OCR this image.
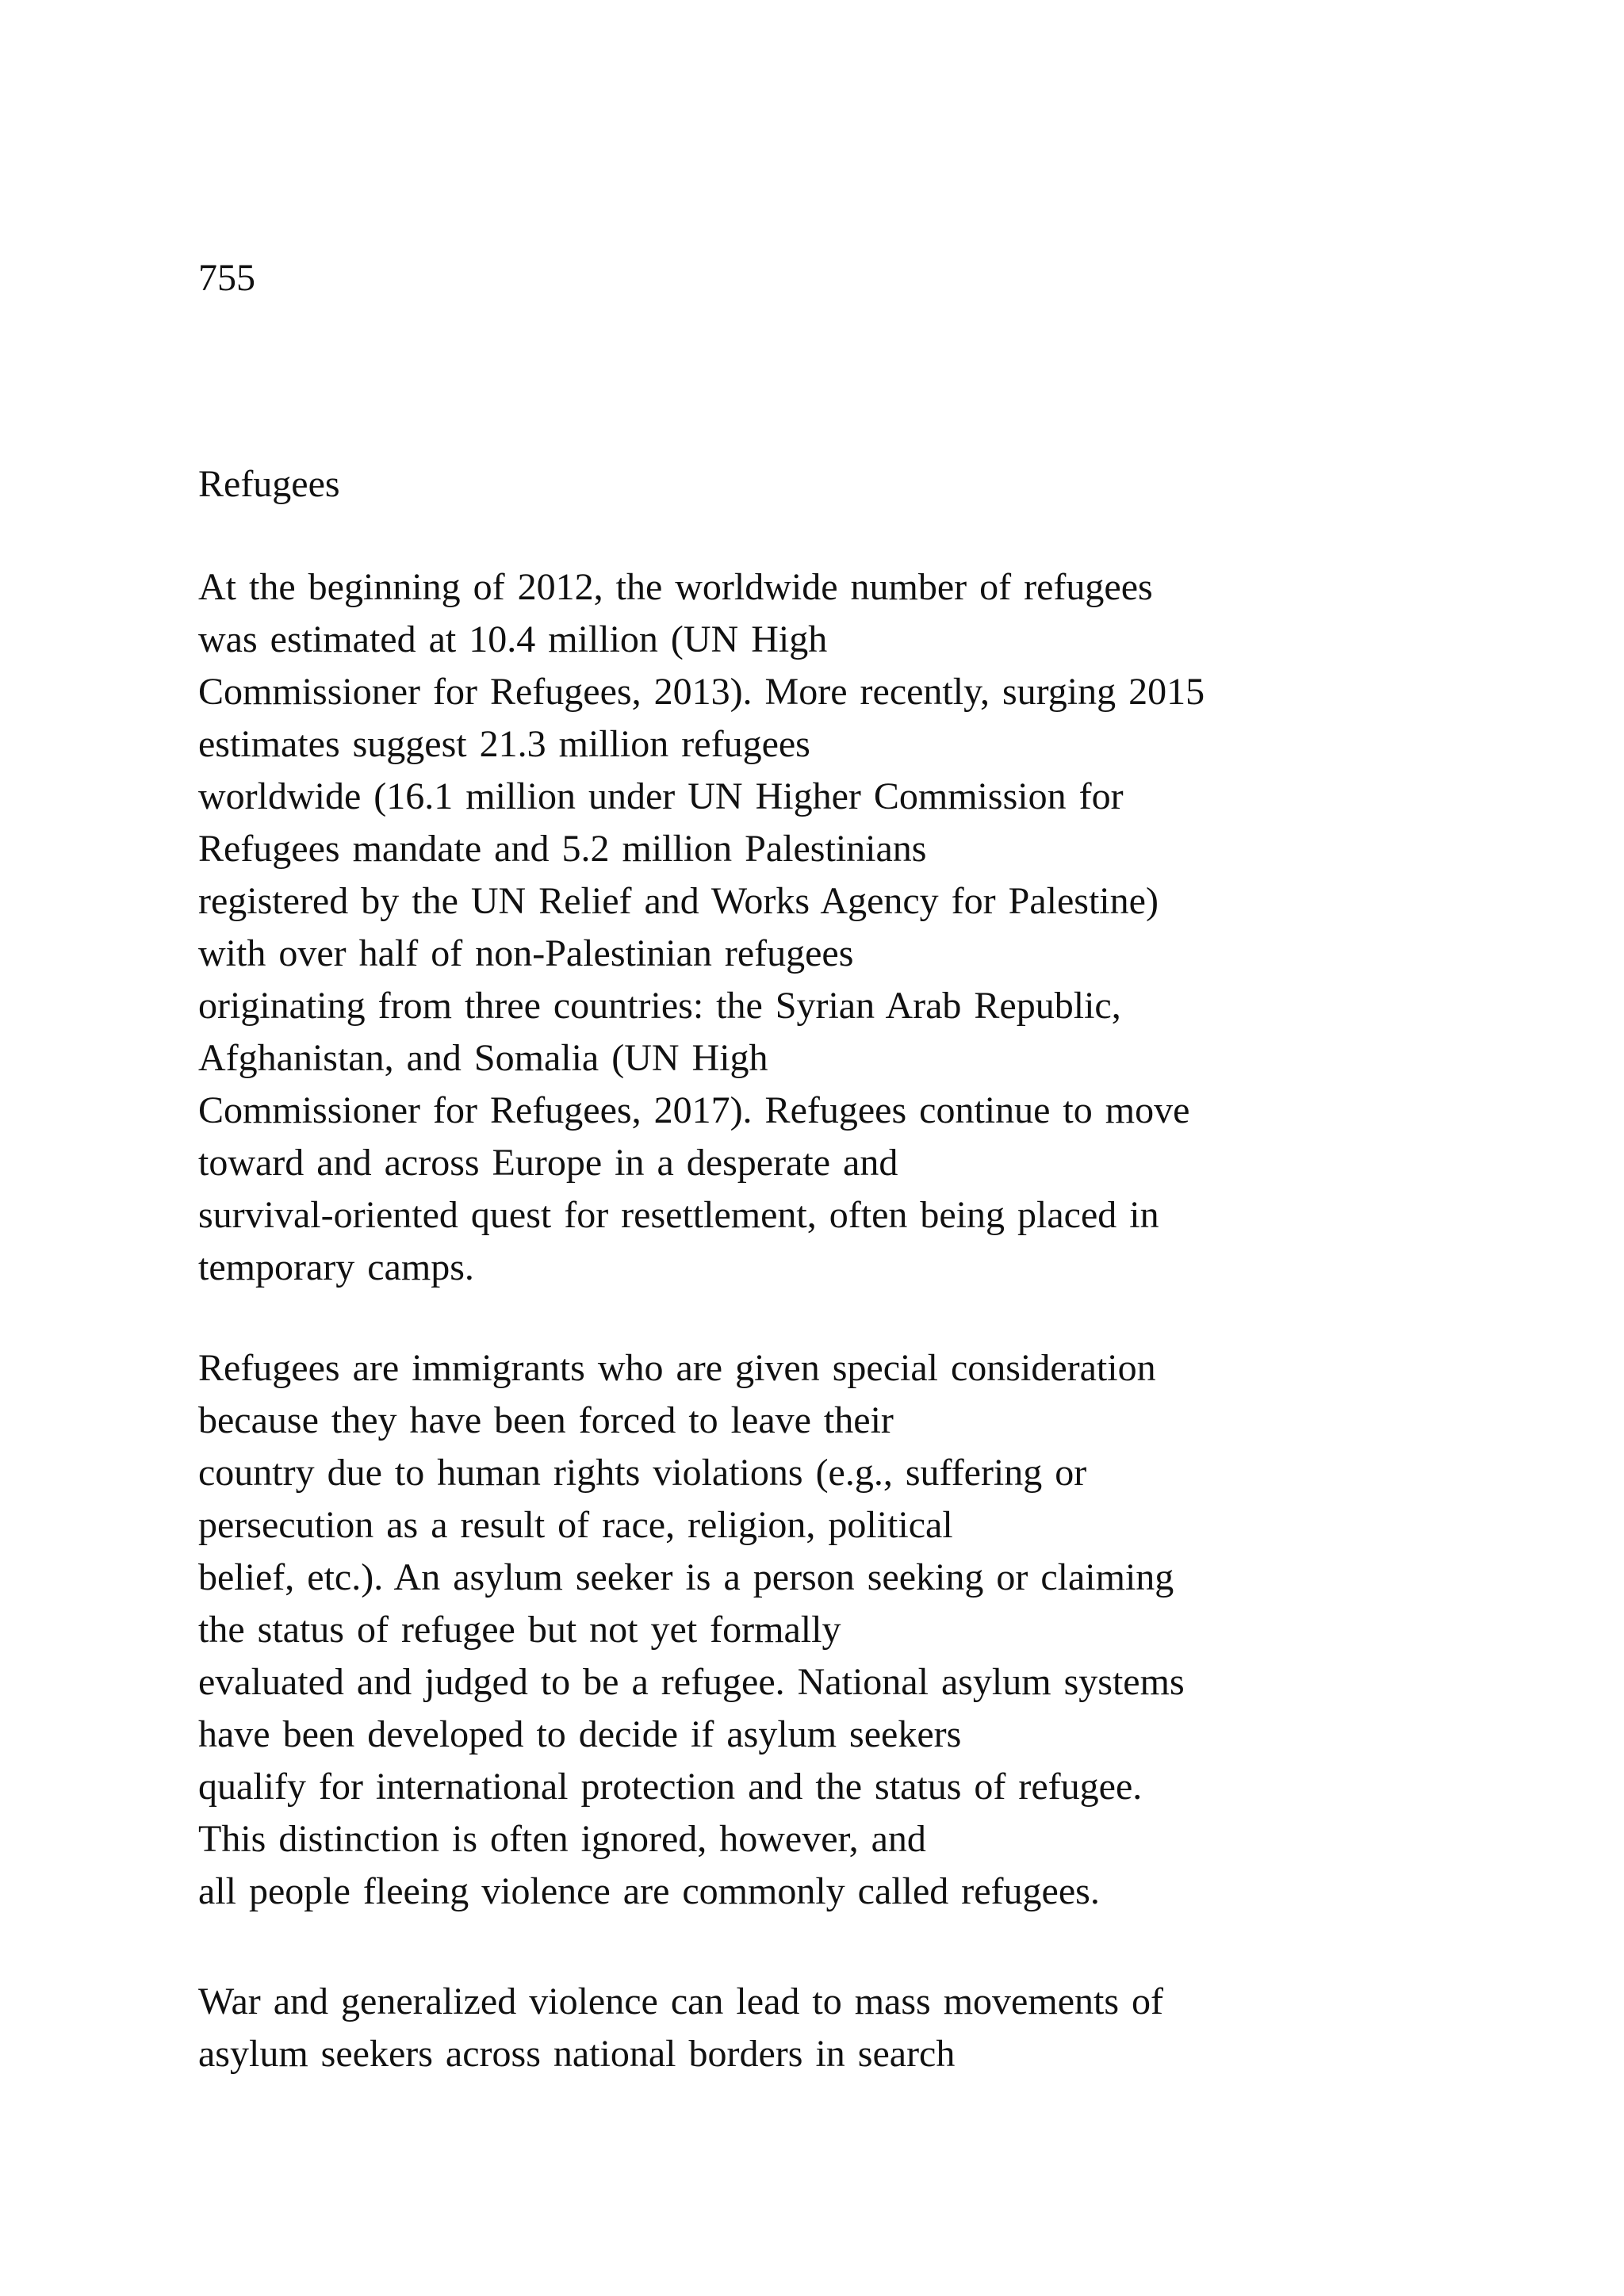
755

Refugees
At the beginning of 2012, the worldwide number of refugees
was estimated at 10.4 million (UN High
Commissioner for Refugees, 2013). More recently, surging 2015
estimates suggest 21.3 million refugees
worldwide (16.1 million under UN Higher Commission for
Refugees mandate and 5.2 million Palestinians
registered by the UN Relief and Works Agency for Palestine)
with over half of non-Palestinian refugees
originating from three countries: the Syrian Arab Republic,
Afghanistan, and Somalia (UN High
Commissioner for Refugees, 2017). Refugees continue to move
toward and across Europe in a desperate and
survival-oriented quest for resettlement, often being placed in
temporary camps.
Refugees are immigrants who are given special consideration
because they have been forced to leave their
country due to human rights violations (e.g., suffering or
persecution as a result of race, religion, political
belief, etc.). An asylum seeker is a person seeking or claiming
the status of refugee but not yet formally
evaluated and judged to be a refugee. National asylum systems
have been developed to decide if asylum seekers
qualify for international protection and the status of refugee.
This distinction is often ignored, however, and
all people fleeing violence are commonly called refugees.
War and generalized violence can lead to mass movements of
asylum seekers across national borders in search
